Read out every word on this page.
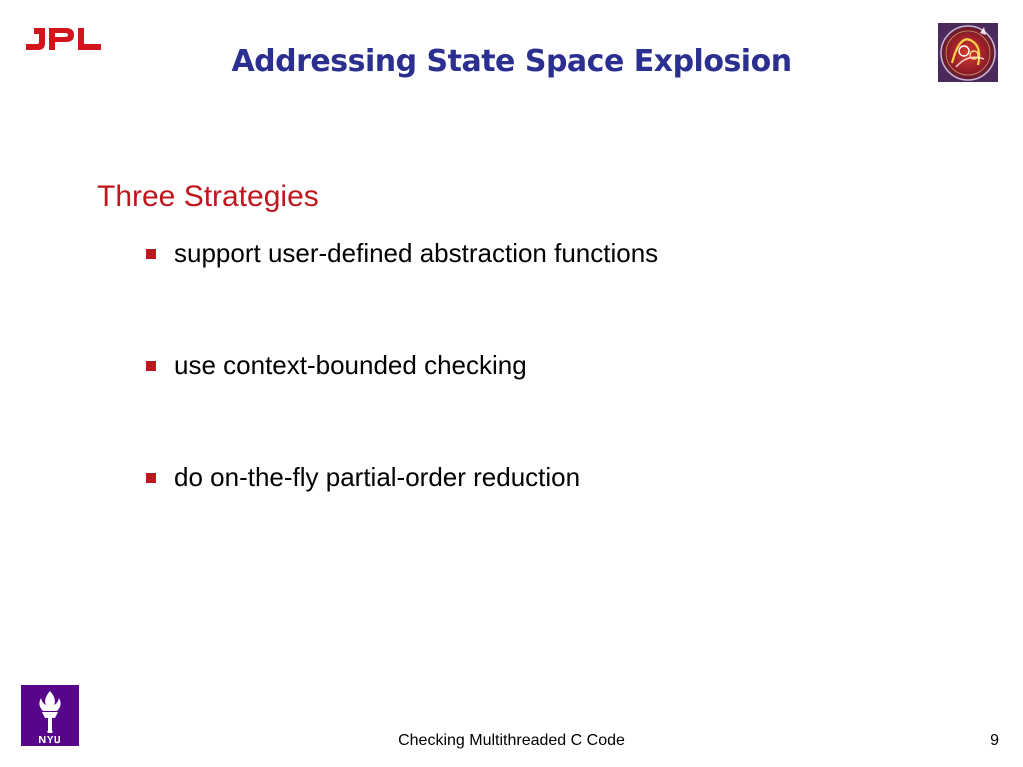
Addressing State Space Explosion
Three Strategies
support user-defined abstraction functions
use context-bounded checking
do on-the-fly partial-order reduction
Checking Multithreaded C Code	9
